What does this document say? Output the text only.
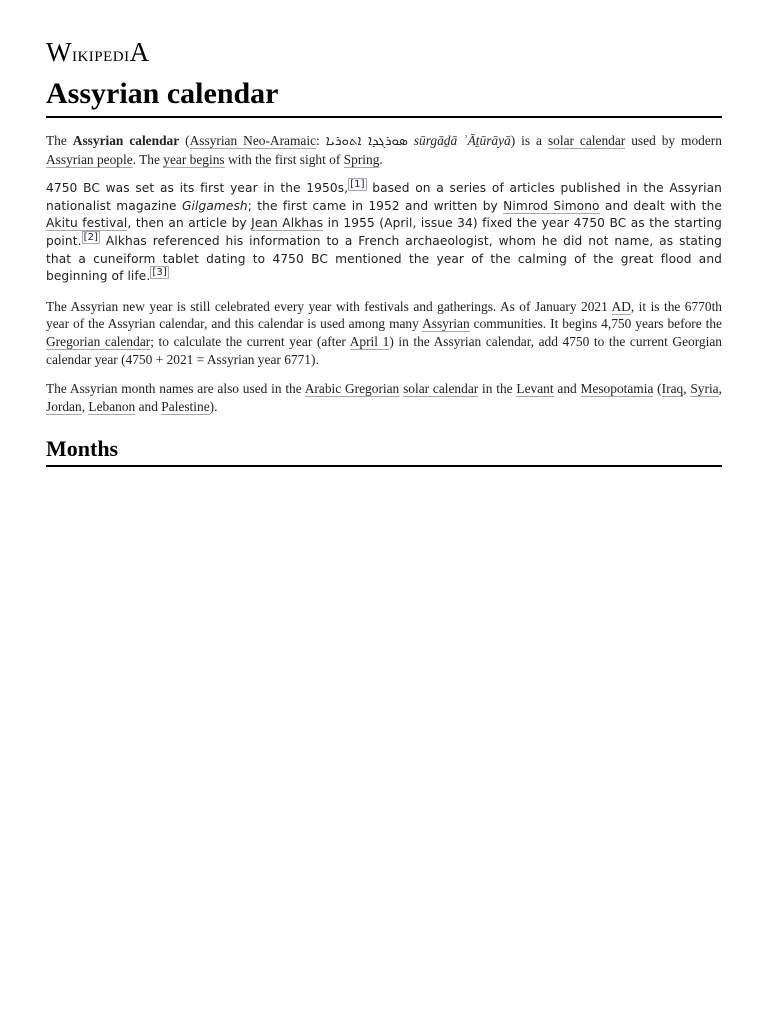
WikipediA
Assyrian calendar

The Assyrian calendar (Assyrian Neo-Aramaic: ܣܘܪܓܕܐ ܐܬܘܪܝܐ sūrgāḏā ʾĀṯūrāyā) is a solar calendar used by modern Assyrian people. The year begins with the first sight of Spring.

4750 BC was set as its first year in the 1950s, [1] based on a series of articles published in the Assyrian nationalist magazine Gilgamesh; the first came in 1952 and written by Nimrod Simono and dealt with the Akitu festival, then an article by Jean Alkhas in 1955 (April, issue 34) fixed the year 4750 BC as the starting point. [2] Alkhas referenced his information to a French archaeologist, whom he did not name, as stating that a cuneiform tablet dating to 4750 BC mentioned the year of the calming of the great flood and beginning of life. [3]

The Assyrian new year is still celebrated every year with festivals and gatherings. As of January 2021 AD, it is the 6770th year of the Assyrian calendar, and this calendar is used among many Assyrian communities. It begins 4,750 years before the Gregorian calendar; to calculate the current year (after April 1) in the Assyrian calendar, add 4750 to the current Georgian calendar year (4750 + 2021 = Assyrian year 6771).

The Assyrian month names are also used in the Arabic Gregorian solar calendar in the Levant and Mesopotamia (Iraq, Syria, Jordan, Lebanon and Palestine).

Months
